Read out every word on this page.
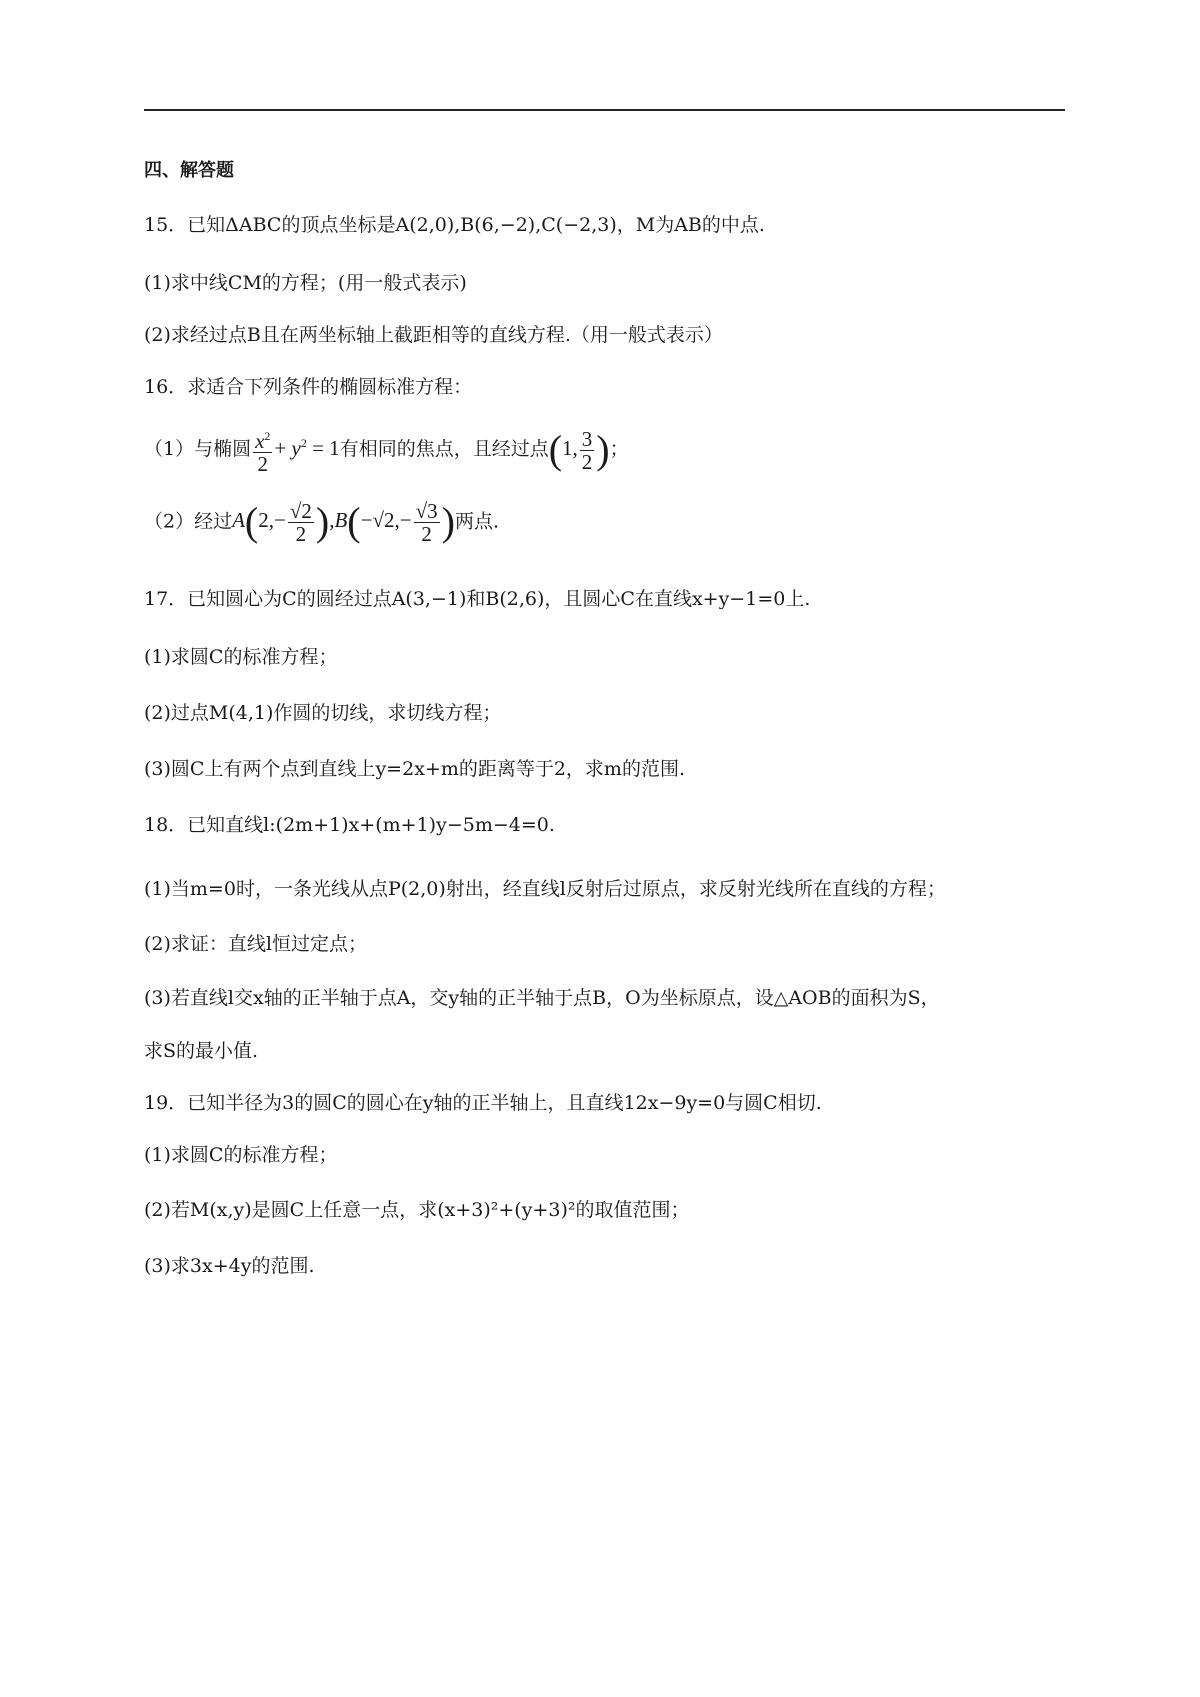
四、解答题
15．已知ΔABC的顶点坐标是A(2,0),B(6,−2),C(−2,3)，M为AB的中点.
(1)求中线CM的方程；(用一般式表示)
(2)求经过点B且在两坐标轴上截距相等的直线方程.（用一般式表示）
16．求适合下列条件的椭圆标准方程：
（1）与椭圆 $\frac{x^2}{2} + y^2 = 1$有相同的焦点，且经过点(1, $\frac{3}{2}$ )；
（2）经过$A(2,- \frac{√2}{2} ),B(-√2,- \frac{√3}{2}$ )两点.
17．已知圆心为C的圆经过点A(3,−1)和B(2,6)，且圆心C在直线x+y−1=0上.
(1)求圆C的标准方程；
(2)过点M(4,1)作圆的切线，求切线方程；
(3)圆C上有两个点到直线上y=2x+m的距离等于2，求m的范围.
18．已知直线l:(2m+1)x+(m+1)y−5m−4=0.
(1)当m=0时，一条光线从点P(2,0)射出，经直线l反射后过原点，求反射光线所在直线的方程；
(2)求证：直线l恒过定点；
(3)若直线l交x轴的正半轴于点A，交y轴的正半轴于点B，O为坐标原点，设△AOB的面积为S，
求S的最小值.
19．已知半径为3的圆C的圆心在y轴的正半轴上，且直线12x−9y=0与圆C相切.
(1)求圆C的标准方程；
(2)若M(x,y)是圆C上任意一点，求(x+3)²+(y+3)²的取值范围；
(3)求3x+4y的范围.
